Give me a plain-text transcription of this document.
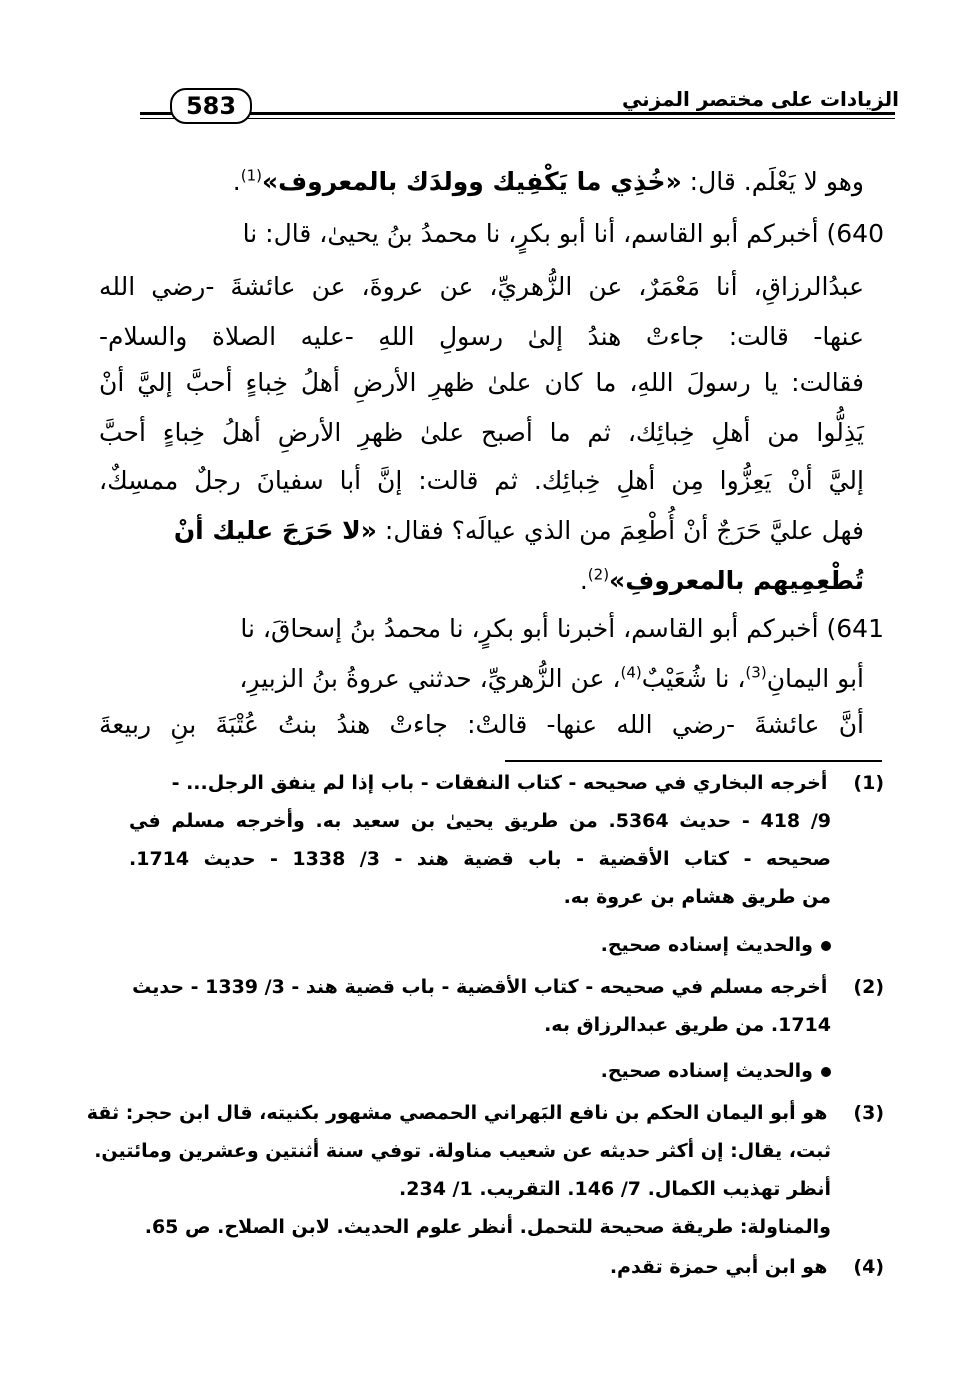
583	الزيادات على مختصر المزني
وهو لا يَعْلَم. قال: «خُذِي ما يَكْفِيك وولدَك بالمعروف»$^{(1)}$.
640) أخبركم أبو القاسم، أنا أبو بكرٍ، نا محمدُ بنُ يحيىٰ، قال: نا
عبدُالرزاقِ، أنا مَعْمَرٌ، عن الزُّهريِّ، عن عروةَ، عن عائشةَ -رضي الله
عنها- قالت: جاءتْ هندُ إلىٰ رسولِ اللهِ -عليه الصلاة والسلام-
فقالت: يا رسولَ اللهِ، ما كان علىٰ ظهرِ الأرضِ أهلُ خِباءٍ أحبَّ إليَّ أنْ
يَذِلُّوا من أهلِ خِبائِك، ثم ما أصبح علىٰ ظهرِ الأرضِ أهلُ خِباءٍ أحبَّ
إليَّ أنْ يَعِزُّوا مِن أهلِ خِبائِك. ثم قالت: إنَّ أبا سفيانَ رجلٌ ممسِكٌ،
فهل عليَّ حَرَجٌ أنْ أُطْعِمَ من الذي عيالَه؟ فقال: «لا حَرَجَ عليك أنْ
تُطْعِمِيهم بالمعروفِ»$^{(2)}$.
641) أخبركم أبو القاسم، أخبرنا أبو بكرٍ، نا محمدُ بنُ إسحاقَ، نا
أبو اليمانِ$^{(3)}$، نا شُعَيْبٌ$^{(4)}$، عن الزُّهريِّ، حدثني عروةُ بنُ الزبيرِ،
أنَّ عائشةَ -رضي الله عنها- قالتْ: جاءتْ هندُ بنتُ عُتْبَةَ بنِ ربيعةَ
(1) أخرجه البخاري في صحيحه - كتاب النفقات - باب إذا لم ينفق الرجل... -
9/ 418 - حديث 5364. من طريق يحيىٰ بن سعيد به. وأخرجه مسلم في
صحيحه - كتاب الأقضية - باب قضية هند - 3/ 1338 - حديث 1714.
من طريق هشام بن عروة به.
والحديث إسناده صحيح.
(2) أخرجه مسلم في صحيحه - كتاب الأقضية - باب قضية هند - 3/ 1339 - حديث
1714. من طريق عبدالرزاق به.
والحديث إسناده صحيح.
(3) هو أبو اليمان الحكم بن نافع البَهراني الحمصي مشهور بكنيته، قال ابن حجر: ثقة
ثبت، يقال: إن أكثر حديثه عن شعيب مناولة. توفي سنة أثنتين وعشرين ومائتين.
أنظر تهذيب الكمال. 7/ 146. التقريب. 1/ 234.
والمناولة: طريقة صحيحة للتحمل. أنظر علوم الحديث. لابن الصلاح. ص 65.
(4) هو ابن أبي حمزة تقدم.
